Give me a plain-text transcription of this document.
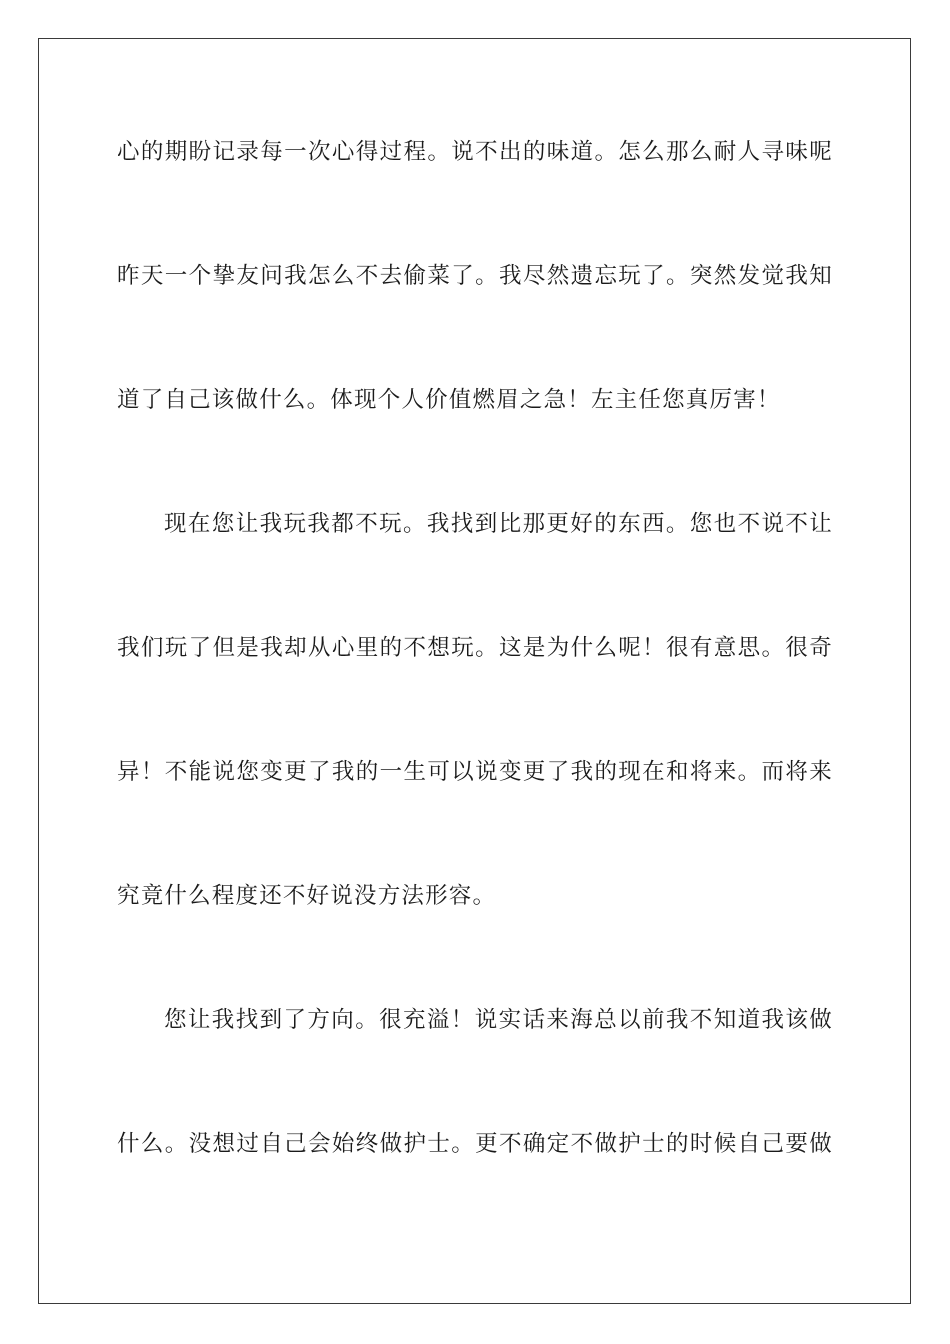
心的期盼记录每一次心得过程。说不出的味道。怎么那么耐人寻味呢
昨天一个挚友问我怎么不去偷菜了。我尽然遗忘玩了。突然发觉我知
道了自己该做什么。体现个人价值燃眉之急！左主任您真厉害！
现在您让我玩我都不玩。我找到比那更好的东西。您也不说不让
我们玩了但是我却从心里的不想玩。这是为什么呢！很有意思。很奇
异！不能说您变更了我的一生可以说变更了我的现在和将来。而将来
究竟什么程度还不好说没方法形容。
您让我找到了方向。很充溢！说实话来海总以前我不知道我该做
什么。没想过自己会始终做护士。更不确定不做护士的时候自己要做
